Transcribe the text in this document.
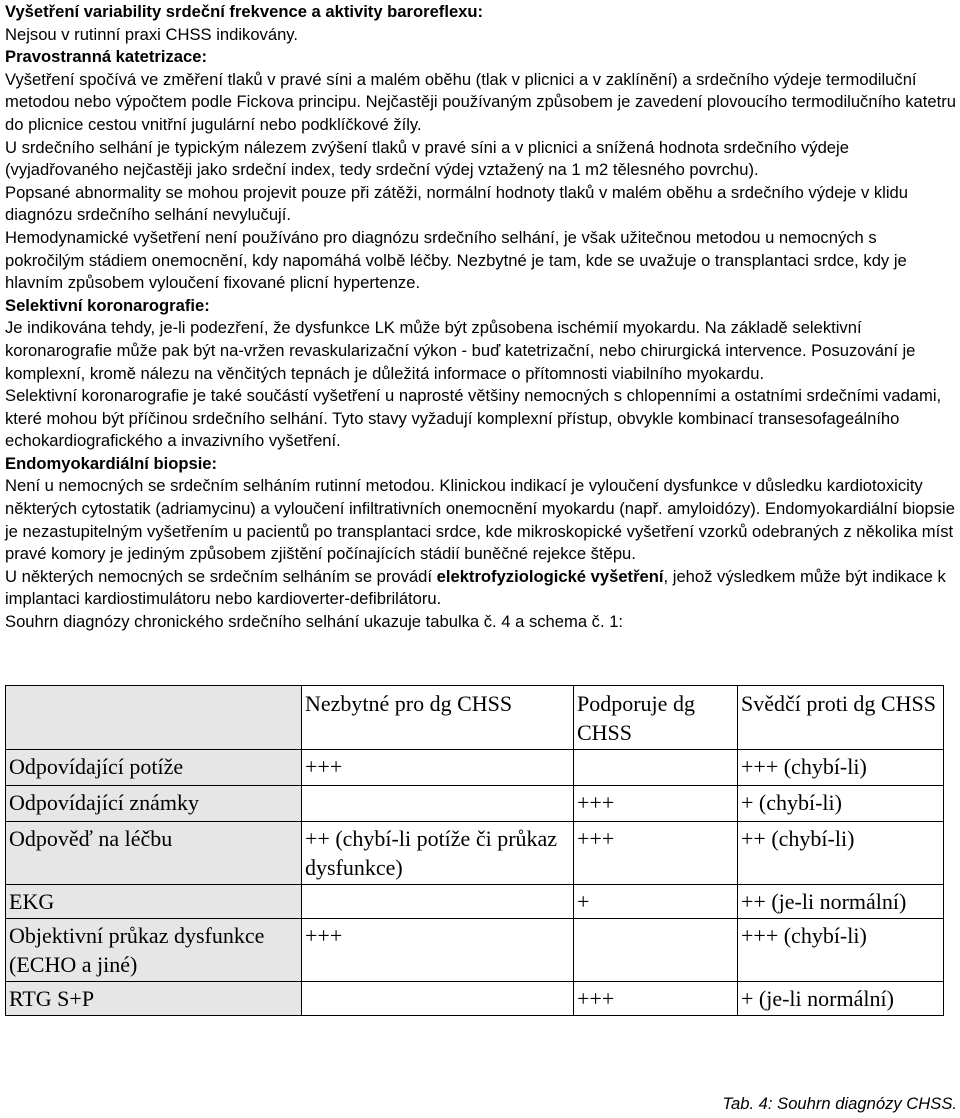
Vyšetření variability srdeční frekvence a aktivity baroreflexu:

Nejsou v rutinní praxi CHSS indikovány.

Pravostranná katetrizace:

Vyšetření spočívá ve změření tlaků v pravé síni a malém oběhu (tlak v plicnici a v zaklínění) a srdečního výdeje termodiluční metodou nebo výpočtem podle Fickova principu. Nejčastěji používaným způsobem je zavedení plovoucího termodilučního katetru do plicnice cestou vnitřní jugulární nebo podklíčkové žíly.

U srdečního selhání je typickým nálezem zvýšení tlaků v pravé síni a v plicnici a snížená hodnota srdečního výdeje (vyjadřovaného nejčastěji jako srdeční index, tedy srdeční výdej vztažený na 1 m2 tělesného povrchu).

Popsané abnormality se mohou projevit pouze při zátěži, normální hodnoty tlaků v malém oběhu a srdečního výdeje v klidu diagnózu srdečního selhání nevylučují.

Hemodynamické vyšetření není používáno pro diagnózu srdečního selhání, je však užitečnou metodou u nemocných s pokročilým stádiem onemocnění, kdy napomáhá volbě léčby. Nezbytné je tam, kde se uvažuje o transplantaci srdce, kdy je hlavním způsobem vyloučení fixované plicní hypertenze.

Selektivní koronarografie:

Je indikována tehdy, je-li podezření, že dysfunkce LK může být způsobena ischémií myokardu. Na základě selektivní koronarografie může pak být na-vržen revaskularizační výkon - buď katetrizační, nebo chirurgická intervence. Posuzování je komplexní, kromě nálezu na věnčitých tepnách je důležitá informace o přítomnosti viabilního myokardu.

Selektivní koronarografie je také součástí vyšetření u naprosté většiny nemocných s chlopenními a ostatními srdečními vadami, které mohou být příčinou srdečního selhání. Tyto stavy vyžadují komplexní přístup, obvykle kombinací transesofageálního echokardiografického a invazivního vyšetření.

Endomyokardiální biopsie:

Není u nemocných se srdečním selháním rutinní metodou. Klinickou indikací je vyloučení dysfunkce v důsledku kardiotoxicity některých cytostatik (adriamycinu) a vyloučení infiltrativních onemocnění myokardu (např. amyloidózy). Endomyokardiální biopsie je nezastupitelným vyšetřením u pacientů po transplantaci srdce, kde mikroskopické vyšetření vzorků odebraných z několika míst pravé komory je jediným způsobem zjištění počínajících stádií buněčné rejekce štěpu.

U některých nemocných se srdečním selháním se provádí elektrofyziologické vyšetření, jehož výsledkem může být indikace k implantaci kardiostimulátoru nebo kardioverter-defibrilátoru.

Souhrn diagnózy chronického srdečního selhání ukazuje tabulka č. 4 a schema č. 1:

	Nezbytné pro dg CHSS	Podporuje dg CHSS	Svědčí proti dg CHSS
Odpovídající potíže	+++		+++ (chybí-li)
Odpovídající známky		+++	+ (chybí-li)
Odpověď na léčbu	++ (chybí-li potíže či průkaz dysfunkce)	+++	++ (chybí-li)
EKG		+	++ (je-li normální)
Objektivní průkaz dysfunkce (ECHO a jiné)	+++		+++ (chybí-li)
RTG S+P		+++	+ (je-li normální)
Tab. 4: Souhrn diagnózy CHSS.
